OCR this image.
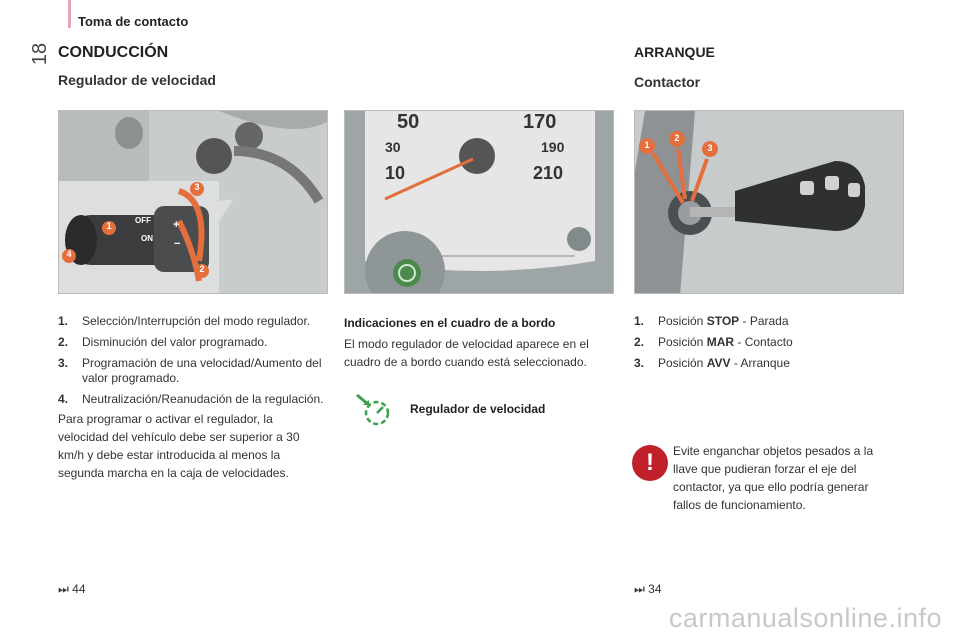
Toma de contacto
18 CONDUCCIÓN
Regulador de velocidad
1
2
3
4
OFF
ON
+
−
1.	Selección/Interrupción del modo regulador.
2.	Disminución del valor programado.
3.	Programación de una velocidad/Aumento del valor programado.
4.	Neutralización/Reanudación de la regulación.

Para programar o activar el regulador, la velocidad del vehículo debe ser superior a 30 km/h y debe estar introducida al menos la segunda marcha en la caja de velocidades.

⏭ 44
50
30
10
170
190
210
Indicaciones en el cuadro de a bordo

El modo regulador de velocidad aparece en el cuadro de a bordo cuando está seleccionado.

Regulador de velocidad
ARRANQUE
Contactor
1
2
3
1.	Posición STOP - Parada
2.	Posición MAR - Contacto
3.	Posición AVV - Arranque
!	Evite enganchar objetos pesados a la llave que pudieran forzar el eje del contactor, ya que ello podría generar fallos de funcionamiento.

⏭ 34
carmanualsonline.info
